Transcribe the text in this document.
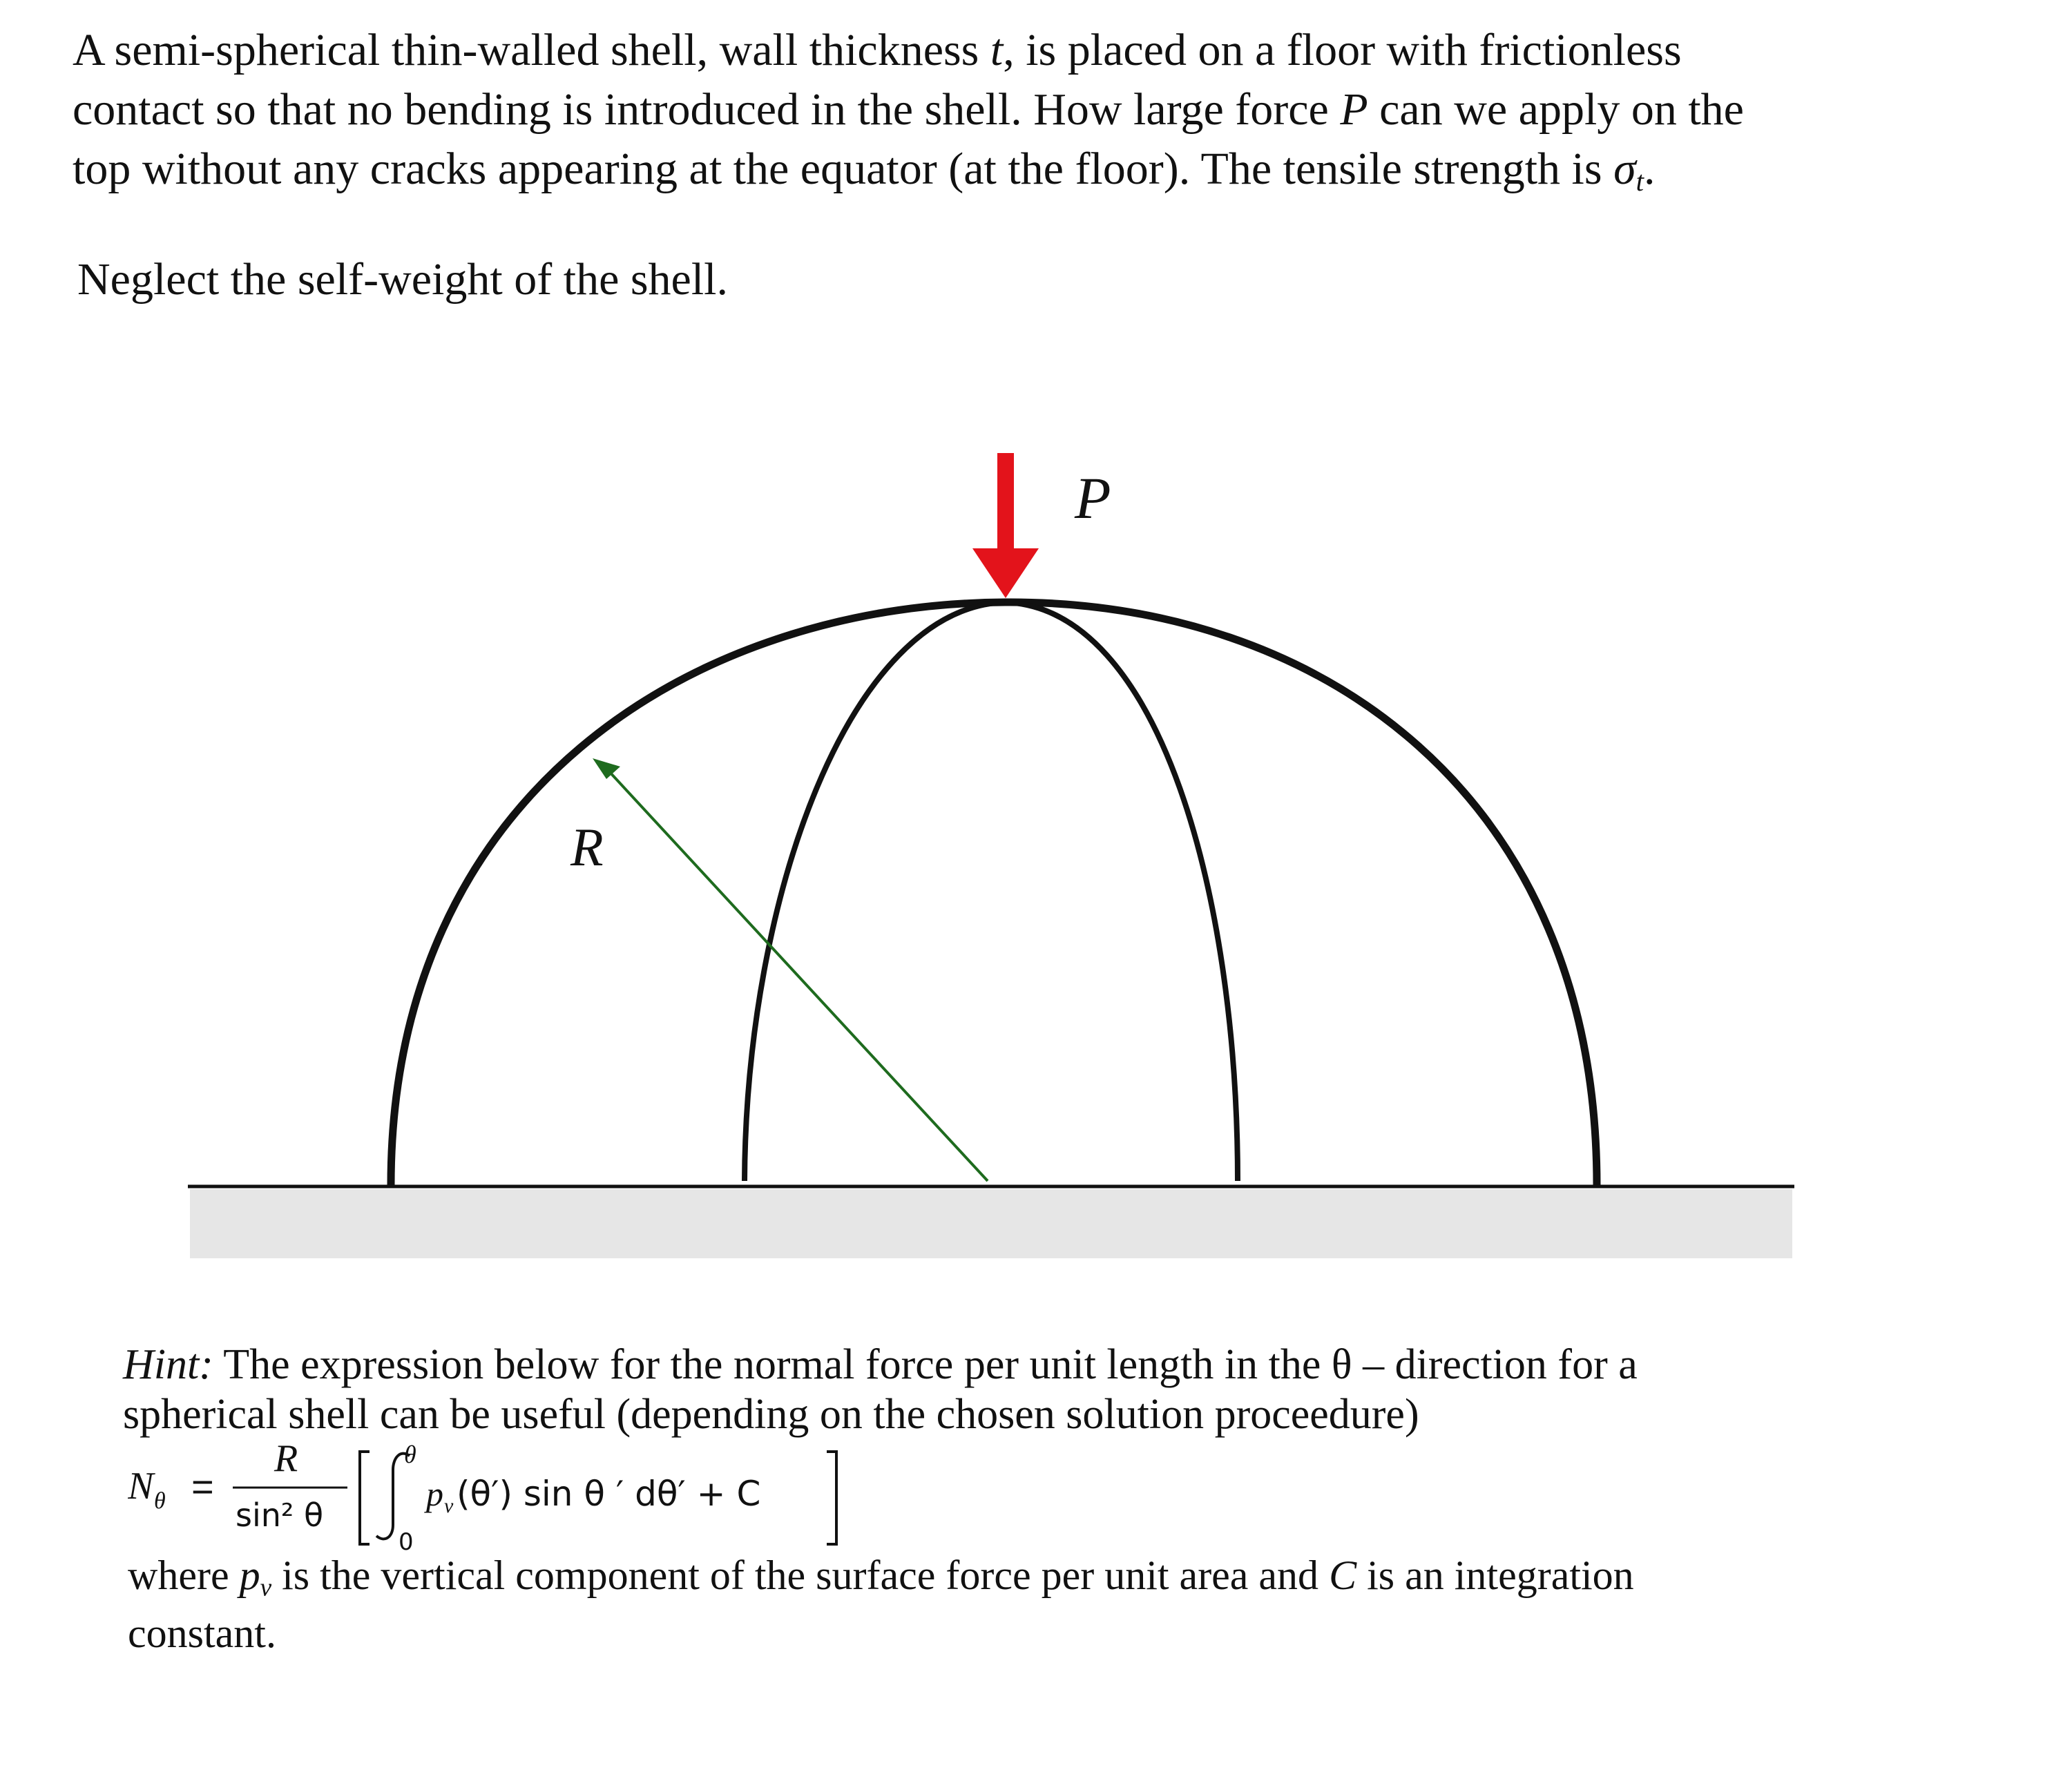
A semi-spherical thin-walled shell, wall thickness t, is placed on a floor with frictionless
contact so that no bending is introduced in the shell. How large force P can we apply on the
top without any cracks appearing at the equator (at the floor). The tensile strength is $\sigma_t$.

Neglect the self-weight of the shell.

R
P

Hint: The expression below for the normal force per unit length in the θ – direction for a
spherical shell can be useful (depending on the chosen solution proceedure)

N θ =
R
sin² θ
θ
0
p v (θ′) sin θ ′ dθ′ + C

where $p_v$ is the vertical component of the surface force per unit area and C is an integration
constant.
